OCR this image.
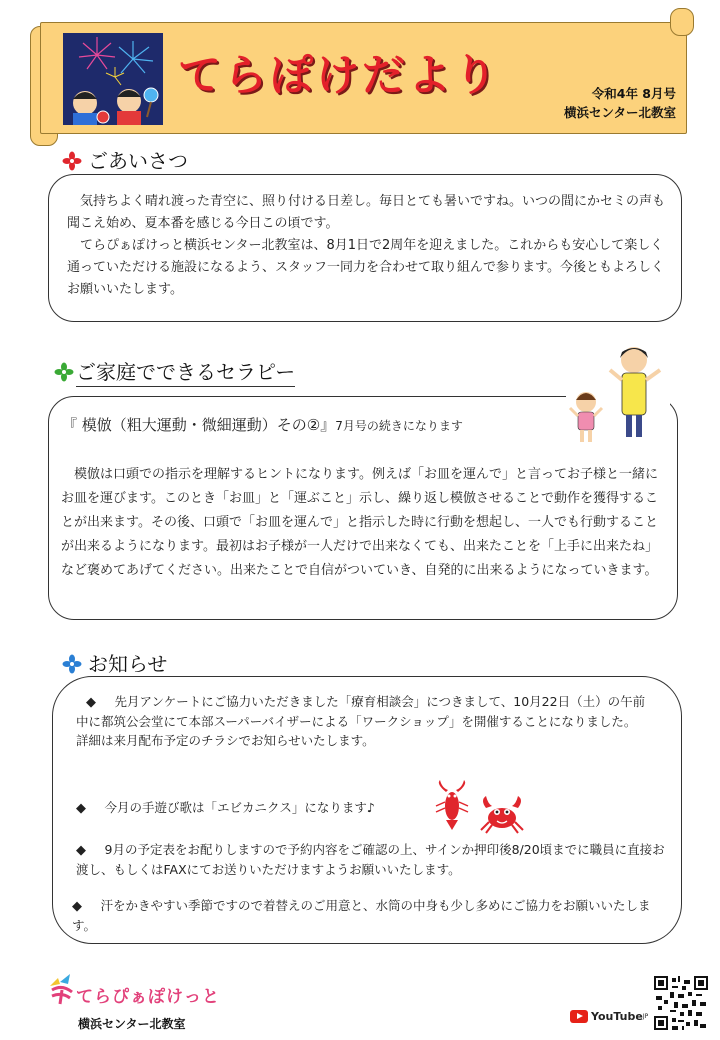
てらぽけだより	令和4年 8月号
横浜センター北教室
ごあいさつ
　気持ちよく晴れ渡った青空に、照り付ける日差し。毎日とても暑いですね。いつの間にかセミの声も聞こえ始め、夏本番を感じる今日この頃です。
　てらぴぁぽけっと横浜センター北教室は、8月1日で2周年を迎えました。これからも安心して楽しく通っていただける施設になるよう、スタッフ一同力を合わせて取り組んで参ります。今後ともよろしくお願いいたします。
ご家庭でできるセラピー
　模倣は口頭での指示を理解するヒントになります。例えば「お皿を運んで」と言ってお子様と一緒にお皿を運びます。このとき「お皿」と「運ぶこと」示し、繰り返し模倣させることで動作を獲得することが出来ます。その後、口頭で「お皿を運んで」と指示した時に行動を想起し、一人でも行動することが出来るようになります。最初はお子様が一人だけで出来なくても、出来たことを「上手に出来たね」など褒めてあげてください。出来たことで自信がついていき、自発的に出来るようになっていきます。
『 模倣（粗大運動・微細運動）その②』7月号の続きになります
お知らせ
◆　先月アンケートにご協力いただきました「療育相談会」につきまして、10月22日（土）の午前中に都筑公会堂にて本部スーパーバイザーによる「ワークショップ」を開催することになりました。詳細は来月配布予定のチラシでお知らせいたします。
◆　今月の手遊び歌は「エビカニクス」になります♪
◆　9月の予定表をお配りしますので予約内容をご確認の上、サインか押印後8/20頃までに職員に直接お渡し、もしくはFAXにてお送りいただけますようお願いいたします。
◆　汗をかきやすい季節ですので着替えのご用意と、水筒の中身も少し多めにご協力をお願いいたします。
てらぴぁぽけっと
横浜センター北教室
YouTube JP
